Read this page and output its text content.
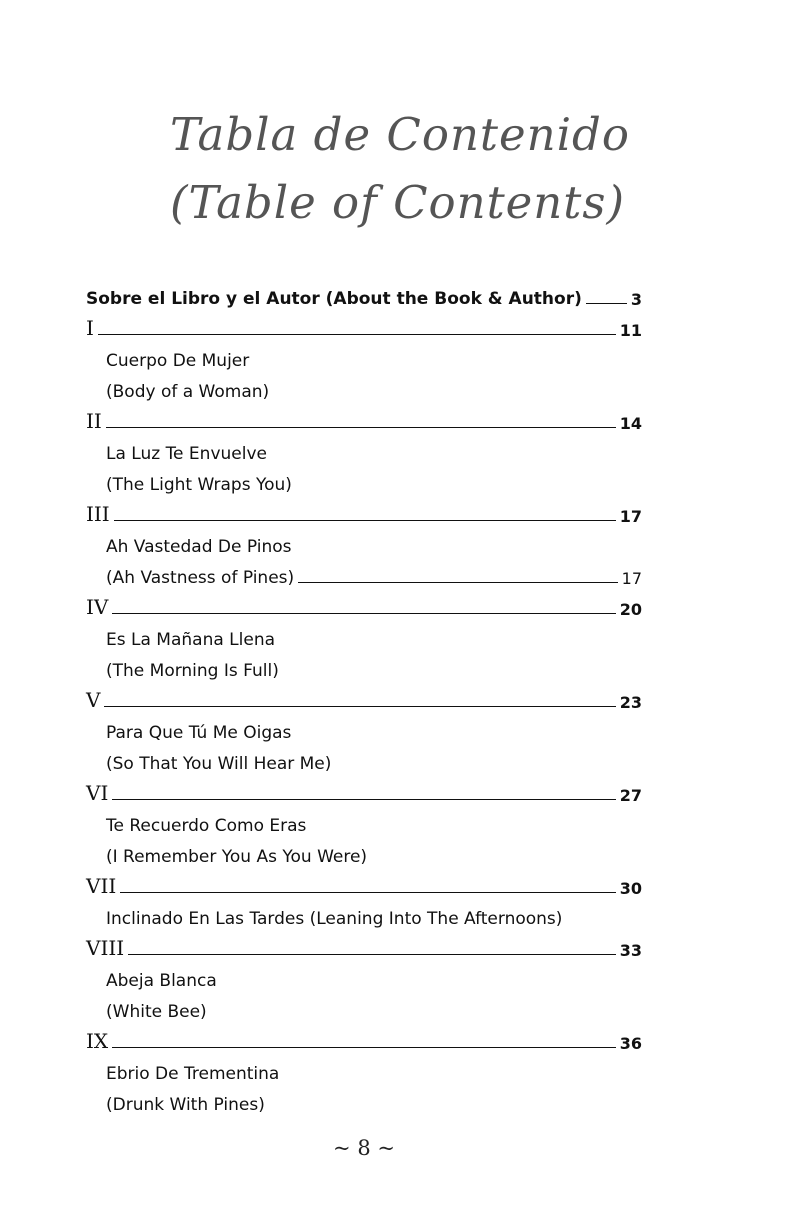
Tabla de Contenido
(Table of Contents)
Sobre el Libro y el Autor (About the Book & Author)	3
I	11
Cuerpo De Mujer
(Body of a Woman)
II	14
La Luz Te Envuelve
(The Light Wraps You)
III	17
Ah Vastedad De Pinos
(Ah Vastness of Pines)	17
IV	20
Es La Mañana Llena
(The Morning Is Full)
V	23
Para Que Tú Me Oigas
(So That You Will Hear Me)
VI	27
Te Recuerdo Como Eras
(I Remember You As You Were)
VII	30
Inclinado En Las Tardes (Leaning Into The Afternoons)
VIII	33
Abeja Blanca
(White Bee)
IX	36
Ebrio De Trementina
(Drunk With Pines)
~ 8 ~
